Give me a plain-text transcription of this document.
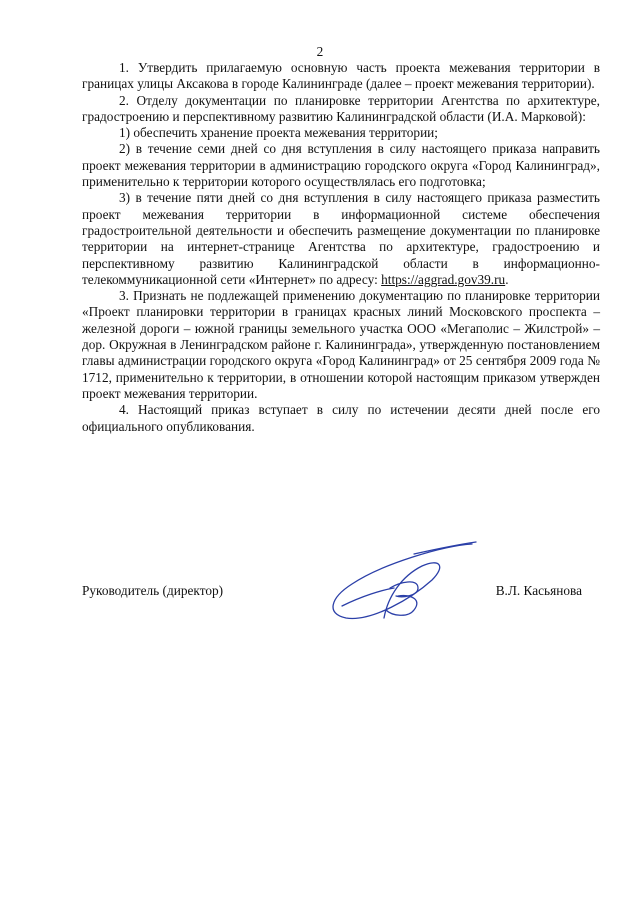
2

1. Утвердить прилагаемую основную часть проекта межевания территории в границах улицы Аксакова в городе Калининграде (далее – проект межевания территории).

2. Отделу документации по планировке территории Агентства по архитектуре, градостроению и перспективному развитию Калининградской области (И.А. Марковой):

1) обеспечить хранение проекта межевания территории;

2) в течение семи дней со дня вступления в силу настоящего приказа направить проект межевания территории в администрацию городского округа «Город Калининград», применительно к территории которого осуществлялась его подготовка;

3) в течение пяти дней со дня вступления в силу настоящего приказа разместить проект межевания территории в информационной системе обеспечения градостроительной деятельности и обеспечить размещение документации по планировке территории на интернет-странице Агентства по архитектуре, градостроению и перспективному развитию Калининградской области в информационно-телекоммуникационной сети «Интернет» по адресу: https://aggrad.gov39.ru.

3. Признать не подлежащей применению документацию по планировке территории «Проект планировки территории в границах красных линий Московского проспекта – железной дороги – южной границы земельного участка ООО «Мегаполис – Жилстрой» – дор. Окружная в Ленинградском районе г. Калининграда», утвержденную постановлением главы администрации городского округа «Город Калининград» от 25 сентября 2009 года № 1712, применительно к территории, в отношении которой настоящим приказом утвержден проект межевания территории.

4. Настоящий приказ вступает в силу по истечении десяти дней после его официального опубликования.

Руководитель (директор)	В.Л. Касьянова
